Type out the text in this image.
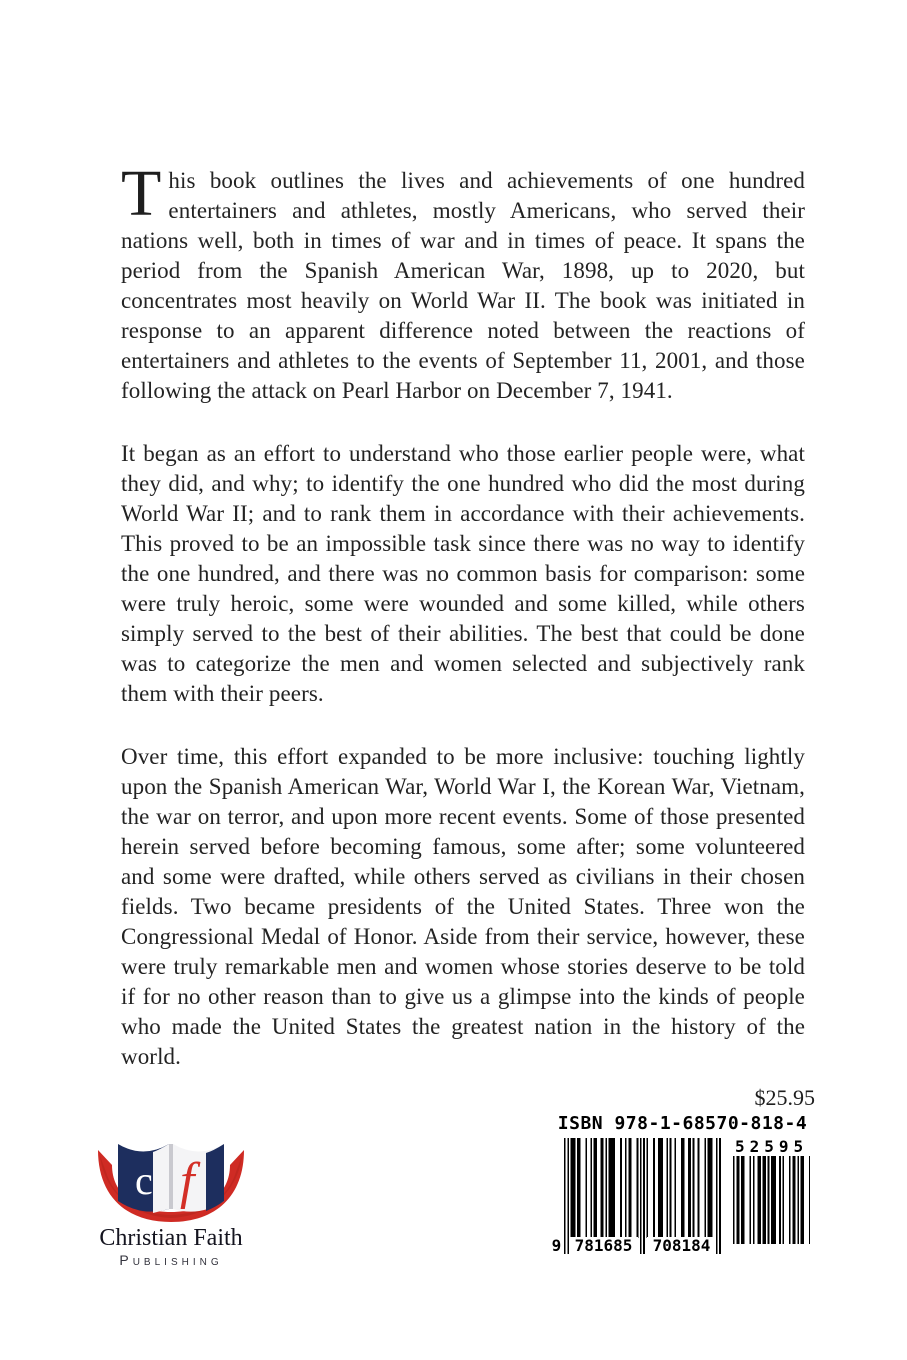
This book outlines the lives and achievements of one hundred entertainers and athletes, mostly Americans, who served their nations well, both in times of war and in times of peace. It spans the period from the Spanish American War, 1898, up to 2020, but concentrates most heavily on World War II. The book was initiated in response to an apparent difference noted between the reactions of entertainers and athletes to the events of September 11, 2001, and those following the attack on Pearl Harbor on December 7, 1941.

It began as an effort to understand who those earlier people were, what they did, and why; to identify the one hundred who did the most during World War II; and to rank them in accordance with their achievements. This proved to be an impossible task since there was no way to identify the one hundred, and there was no common basis for comparison: some were truly heroic, some were wounded and some killed, while others simply served to the best of their abilities. The best that could be done was to categorize the men and women selected and subjectively rank them with their peers.

Over time, this effort expanded to be more inclusive: touching lightly upon the Spanish American War, World War I, the Korean War, Vietnam, the war on terror, and upon more recent events. Some of those presented herein served before becoming famous, some after; some volunteered and some were drafted, while others served as civilians in their chosen fields. Two became presidents of the United States. Three won the Congressional Medal of Honor. Aside from their service, however, these were truly remarkable men and women whose stories deserve to be told if for no other reason than to give us a glimpse into the kinds of people who made the United States the greatest nation in the history of the world.

$25.95
ISBN 978-1-68570-818-4
9 781685	708184
52595
c f
Christian Faith
Publishing
